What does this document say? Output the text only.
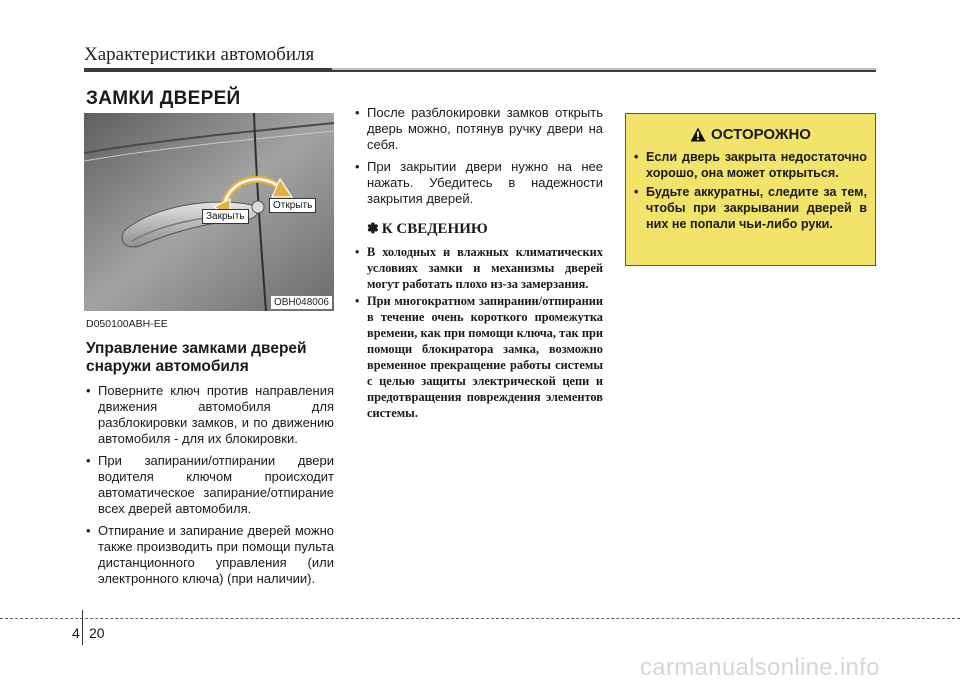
Характеристики автомобиля
ЗАМКИ ДВЕРЕЙ
Закрыть
Открыть
OBH048006
D050100ABH-EE
Управление замками дверей снаружи автомобиля
• Поверните ключ против направления движения автомобиля для разблокировки замков, и по движению автомобиля - для их блокировки.
• При запирании/отпирании двери водителя ключом происходит автоматическое запирание/отпирание всех дверей автомобиля.
• Отпирание и запирание дверей можно также производить при помощи пульта дистанционного управления (или электронного ключа) (при наличии).
• После разблокировки замков открыть дверь можно, потянув ручку двери на себя.
• При закрытии двери нужно на нее нажать. Убедитесь в надежности закрытия дверей.
✽ К СВЕДЕНИЮ
• В холодных и влажных климатических условиях замки и механизмы дверей могут работать плохо из-за замерзания.
• При многократном запирании/отпирании в течение очень короткого промежутка времени, как при помощи ключа, так при помощи блокиратора замка, возможно временное прекращение работы системы с целью защиты электрической цепи и предотвращения повреждения элементов системы.
ОСТОРОЖНО
• Если дверь закрыта недостаточно хорошо, она может открыться.
• Будьте аккуратны, следите за тем, чтобы при закрывании дверей в них не попали чьи-либо руки.
4 20
carmanualsonline.info
